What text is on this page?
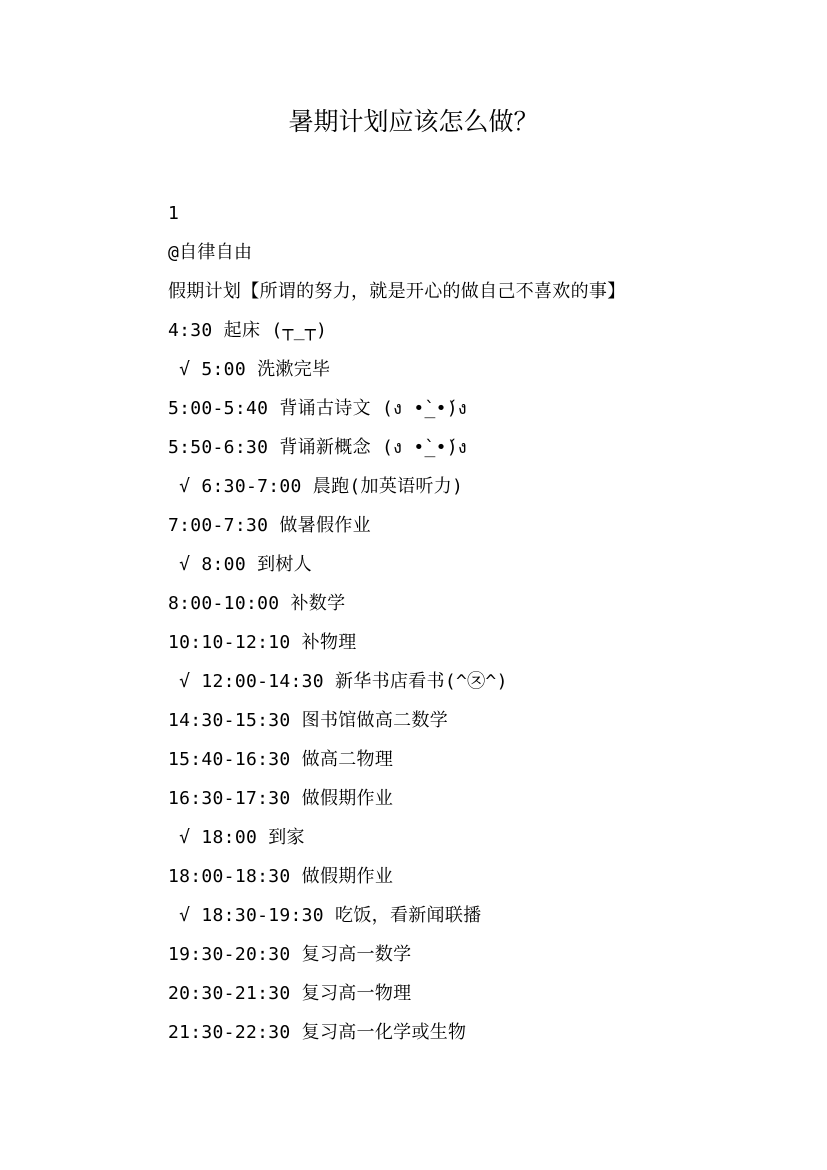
暑期计划应该怎么做？
1
@自律自由
假期计划【所谓的努力，就是开心的做自己不喜欢的事】
4:30 起床 (┬_┬)
√ 5:00 洗漱完毕
5:00-5:40 背诵古诗文 (ง •̀_•́)ง
5:50-6:30 背诵新概念 (ง •̀_•́)ง
√ 6:30-7:00 晨跑(加英语听力)
7:00-7:30 做暑假作业
√ 8:00 到树人
8:00-10:00 补数学
10:10-12:10 补物理
√ 12:00-14:30 新华书店看书(^㉨^)
14:30-15:30 图书馆做高二数学
15:40-16:30 做高二物理
16:30-17:30 做假期作业
√ 18:00 到家
18:00-18:30 做假期作业
√ 18:30-19:30 吃饭，看新闻联播
19:30-20:30 复习高一数学
20:30-21:30 复习高一物理
21:30-22:30 复习高一化学或生物
